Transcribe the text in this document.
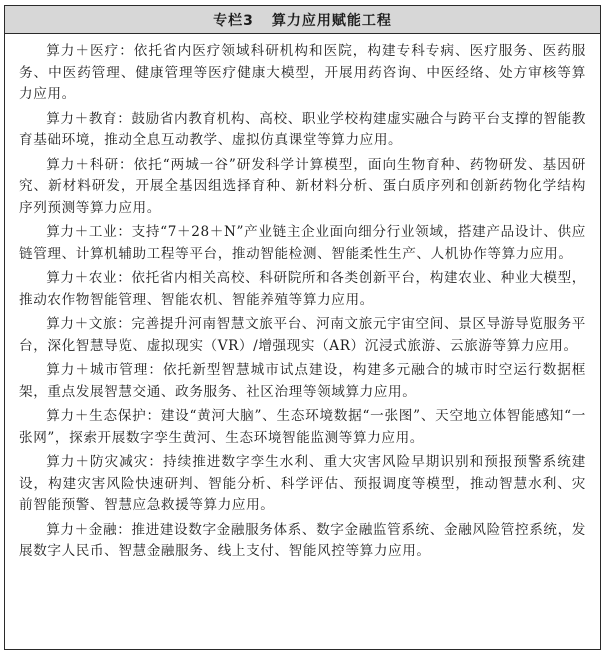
专栏3 算力应用赋能工程

算力＋医疗：依托省内医疗领域科研机构和医院，构建专科专病、医疗服务、医药服务、中医药管理、健康管理等医疗健康大模型，开展用药咨询、中医经络、处方审核等算力应用。

算力＋教育：鼓励省内教育机构、高校、职业学校构建虚实融合与跨平台支撑的智能教育基础环境，推动全息互动教学、虚拟仿真课堂等算力应用。

算力＋科研：依托“两城一谷”研发科学计算模型，面向生物育种、药物研发、基因研究、新材料研发，开展全基因组选择育种、新材料分析、蛋白质序列和创新药物化学结构序列预测等算力应用。

算力＋工业：支持“7＋28＋N”产业链主企业面向细分行业领域，搭建产品设计、供应链管理、计算机辅助工程等平台，推动智能检测、智能柔性生产、人机协作等算力应用。

算力＋农业：依托省内相关高校、科研院所和各类创新平台，构建农业、种业大模型，推动农作物智能管理、智能农机、智能养殖等算力应用。

算力＋文旅：完善提升河南智慧文旅平台、河南文旅元宇宙空间、景区导游导览服务平台，深化智慧导览、虚拟现实（VR）/增强现实（AR）沉浸式旅游、云旅游等算力应用。

算力＋城市管理：依托新型智慧城市试点建设，构建多元融合的城市时空运行数据框架，重点发展智慧交通、政务服务、社区治理等领域算力应用。

算力＋生态保护：建设“黄河大脑”、生态环境数据“一张图”、天空地立体智能感知“一张网”，探索开展数字孪生黄河、生态环境智能监测等算力应用。

算力＋防灾减灾：持续推进数字孪生水利、重大灾害风险早期识别和预报预警系统建设，构建灾害风险快速研判、智能分析、科学评估、预报调度等模型，推动智慧水利、灾前智能预警、智慧应急救援等算力应用。

算力＋金融：推进建设数字金融服务体系、数字金融监管系统、金融风险管控系统，发展数字人民币、智慧金融服务、线上支付、智能风控等算力应用。
